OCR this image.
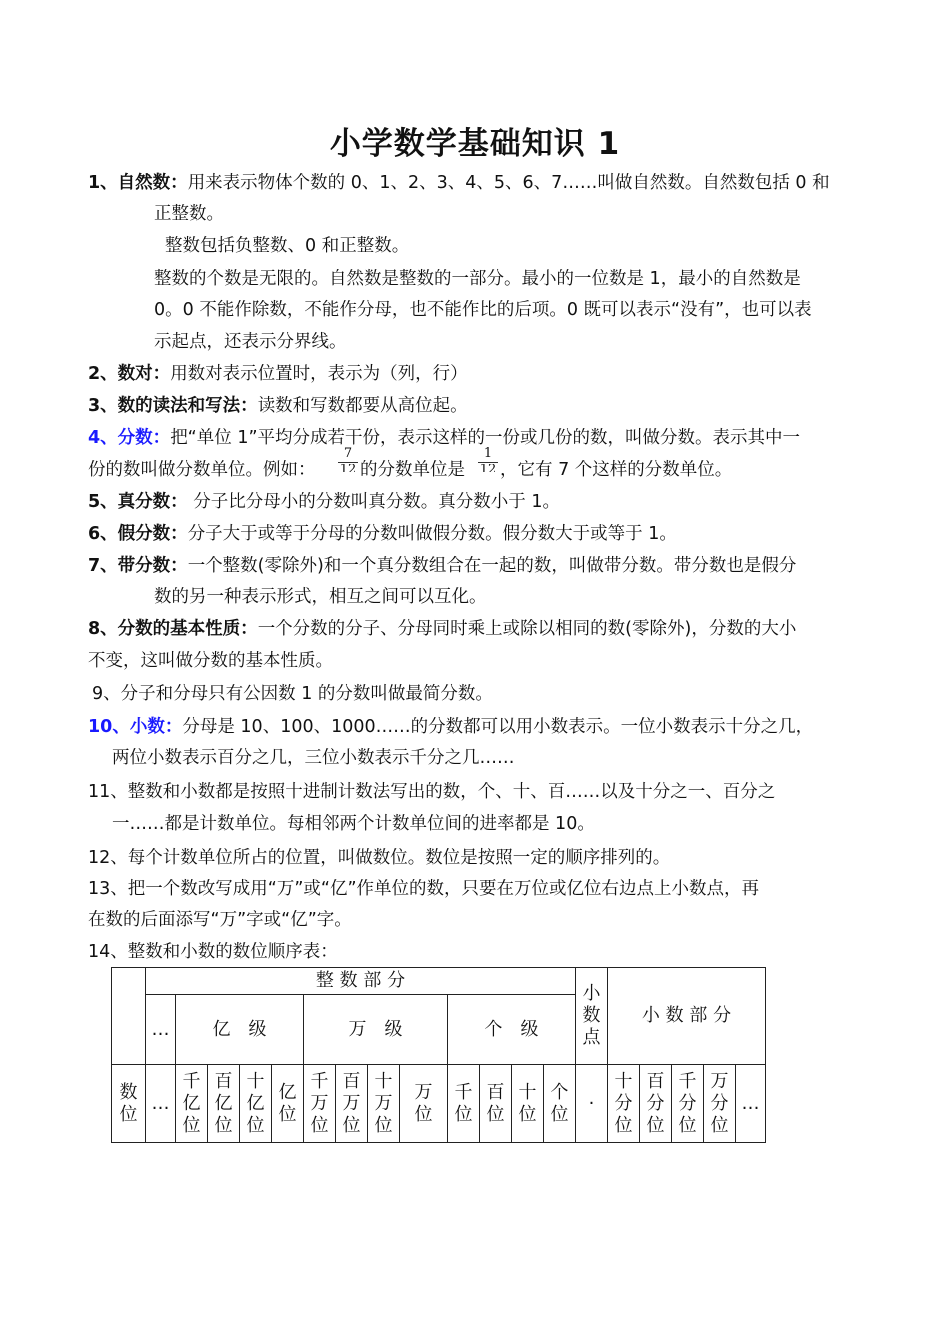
小学数学基础知识 1
1、自然数：用来表示物体个数的 0、1、2、3、4、5、6、7……叫做自然数。自然数包括 0 和
正整数。
整数包括负整数、0 和正整数。
整数的个数是无限的。自然数是整数的一部分。最小的一位数是 1，最小的自然数是
0。0 不能作除数，不能作分母，也不能作比的后项。0 既可以表示“没有”，也可以表
示起点，还表示分界线。
2、数对：用数对表示位置时，表示为（列，行）
3、数的读法和写法：读数和写数都要从高位起。
4、分数：把“单位 1”平均分成若干份，表示这样的一份或几份的数，叫做分数。表示其中一
份的数叫做分数单位。例如：
7
12 的分数单位是
1
12 ，它有 7 个这样的分数单位。
5、真分数： 分子比分母小的分数叫真分数。真分数小于 1。
6、假分数：分子大于或等于分母的分数叫做假分数。假分数大于或等于 1。
7、带分数：一个整数(零除外)和一个真分数组合在一起的数，叫做带分数。带分数也是假分
数的另一种表示形式，相互之间可以互化。
8、分数的基本性质：一个分数的分子、分母同时乘上或除以相同的数(零除外)，分数的大小
不变，这叫做分数的基本性质。
9、分子和分母只有公因数 1 的分数叫做最简分数。
10、小数：分母是 10、100、1000……的分数都可以用小数表示。一位小数表示十分之几，
两位小数表示百分之几，三位小数表示千分之几……
11、整数和小数都是按照十进制计数法写出的数，个、十、百……以及十分之一、百分之
一……都是计数单位。每相邻两个计数单位间的进率都是 10。
12、每个计数单位所占的位置，叫做数位。数位是按照一定的顺序排列的。
13、把一个数改写成用“万”或“亿”作单位的数，只要在万位或亿位右边点上小数点，再
在数的后面添写“万”字或“亿”字。
14、整数和小数的数位顺序表：
	整 数 部 分													小数点	小 数 部 分				
	…	亿　级				万　级				个　级									
数位	…	千亿位	百亿位	十亿位	亿位	千万位	百万位	十万位	万位	千位	百位	十位	个位	·	十分位	百分位	千分位	万分位	…
